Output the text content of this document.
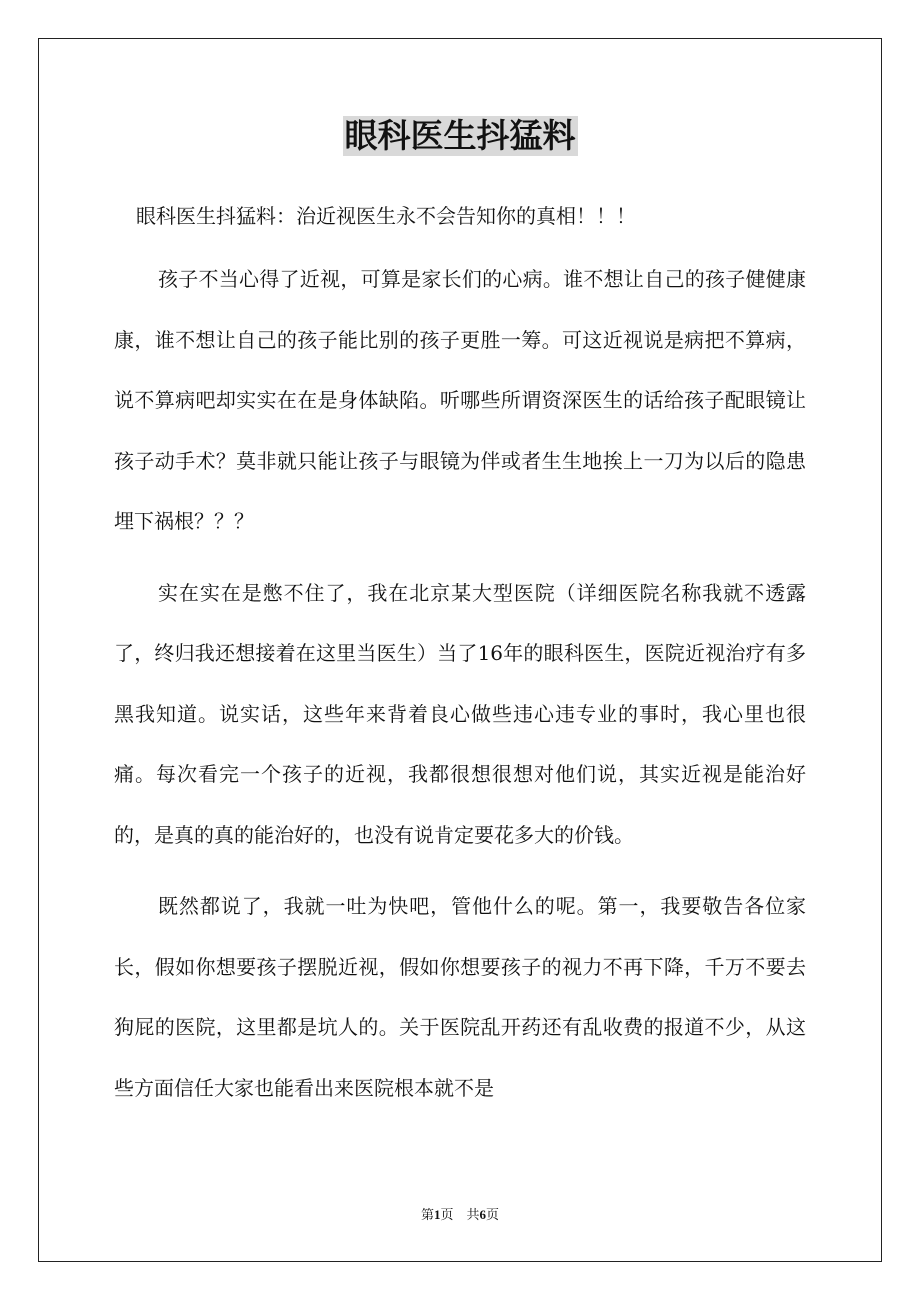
眼科医生抖猛料

眼科医生抖猛料：治近视医生永不会告知你的真相！！！

孩子不当心得了近视，可算是家长们的心病。谁不想让自己的孩子健健康康，谁不想让自己的孩子能比别的孩子更胜一筹。可这近视说是病把不算病，说不算病吧却实实在在是身体缺陷。听哪些所谓资深医生的话给孩子配眼镜让孩子动手术？莫非就只能让孩子与眼镜为伴或者生生地挨上一刀为以后的隐患埋下祸根？？？

实在实在是憋不住了，我在北京某大型医院（详细医院名称我就不透露了，终归我还想接着在这里当医生）当了16年的眼科医生，医院近视治疗有多黑我知道。说实话，这些年来背着良心做些违心违专业的事时，我心里也很痛。每次看完一个孩子的近视，我都很想很想对他们说，其实近视是能治好的，是真的真的能治好的，也没有说肯定要花多大的价钱。

既然都说了，我就一吐为快吧，管他什么的呢。第一，我要敬告各位家长，假如你想要孩子摆脱近视，假如你想要孩子的视力不再下降，千万不要去狗屁的医院，这里都是坑人的。关于医院乱开药还有乱收费的报道不少，从这些方面信任大家也能看出来医院根本就不是

第1页　共6页
